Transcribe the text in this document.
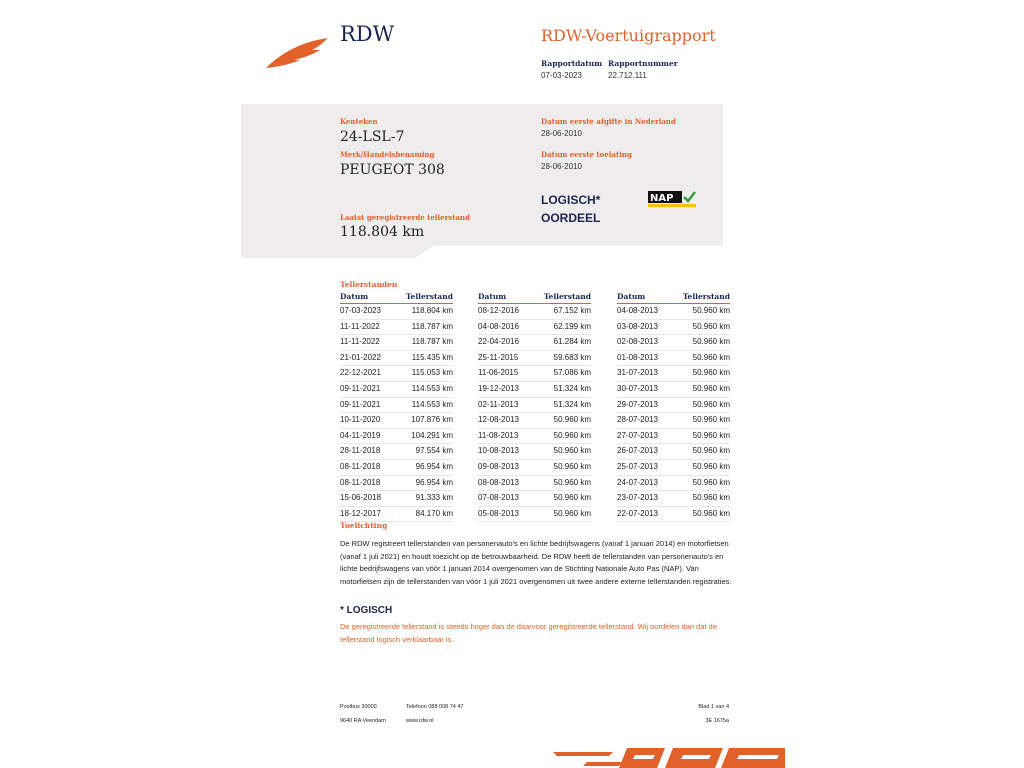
RDW	RDW-Voertuigrapport
Rapportdatum
07-03-2023
Rapportnummer
22.712.111
Kenteken
24-LSL-7
Merk/Handelsbenaming
PEUGEOT 308
Laatst geregistreerde tellerstand
118.804 km
Datum eerste afgifte in Nederland
28-06-2010
Datum eerste toelating
28-06-2010
LOGISCH* OORDEEL
NAP
Tellerstanden
Datum	Tellerstand
07-03-2023	118.804 km
11-11-2022	118.787 km
11-11-2022	118.787 km
21-01-2022	115.435 km
22-12-2021	115.053 km
09-11-2021	114.553 km
09-11-2021	114.553 km
10-11-2020	107.876 km
04-11-2019	104.291 km
28-11-2018	97.554 km
08-11-2018	96.954 km
08-11-2018	96.954 km
15-06-2018	91.333 km
18-12-2017	84.170 km
Datum	Tellerstand
08-12-2016	67.152 km
04-08-2016	62.199 km
22-04-2016	61.284 km
25-11-2015	59.683 km
11-06-2015	57.086 km
19-12-2013	51.324 km
02-11-2013	51.324 km
12-08-2013	50.960 km
11-08-2013	50.960 km
10-08-2013	50.960 km
09-08-2013	50.960 km
08-08-2013	50.960 km
07-08-2013	50.960 km
05-08-2013	50.960 km
Datum	Tellerstand
04-08-2013	50.960 km
03-08-2013	50.960 km
02-08-2013	50.960 km
01-08-2013	50.960 km
31-07-2013	50.960 km
30-07-2013	50.960 km
29-07-2013	50.960 km
28-07-2013	50.960 km
27-07-2013	50.960 km
26-07-2013	50.960 km
25-07-2013	50.960 km
24-07-2013	50.960 km
23-07-2013	50.960 km
22-07-2013	50.960 km
Toelichting

De RDW registreert tellerstanden van personenauto's en lichte bedrijfswagens (vanaf 1 januari 2014) en motorfietsen (vanaf 1 juli 2021) en houdt toezicht op de betrouwbaarheid. De RDW heeft de tellerstanden van personenauto's en lichte bedrijfswagens van vóór 1 januari 2014 overgenomen van de Stichting Nationale Auto Pas (NAP). Van motorfietsen zijn de tellerstanden van vóór 1 juli 2021 overgenomen uit twee andere externe tellerstanden registraties.

* LOGISCH

De geregistreerde tellerstand is steeds hoger dan de daarvoor geregistreerde tellerstand. Wij oordelen dan dat de tellerstand logisch verklaarbaar is.

Postbus 30000
9640 RA Veendam
Telefoon 088 008 74 47
www.rdw.nl
Blad 1 van 4
3E 1675a
